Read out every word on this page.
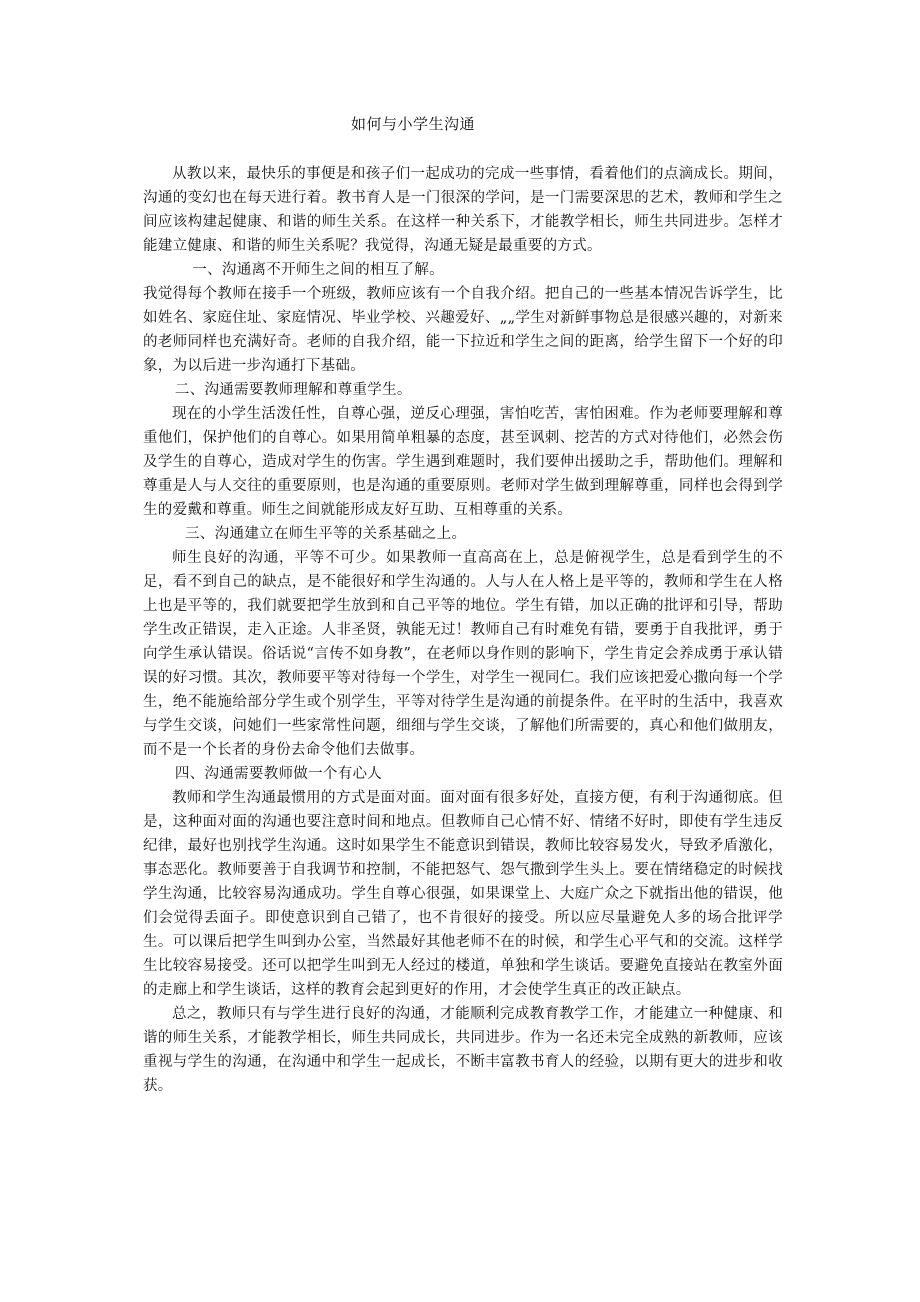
如何与小学生沟通

从教以来，最快乐的事便是和孩子们一起成功的完成一些事情，看着他们的点滴成长。期间，沟通的变幻也在每天进行着。教书育人是一门很深的学问，是一门需要深思的艺术，教师和学生之间应该构建起健康、和谐的师生关系。在这样一种关系下，才能教学相长，师生共同进步。怎样才能建立健康、和谐的师生关系呢？我觉得，沟通无疑是最重要的方式。

一、沟通离不开师生之间的相互了解。

我觉得每个教师在接手一个班级，教师应该有一个自我介绍。把自己的一些基本情况告诉学生，比如姓名、家庭住址、家庭情况、毕业学校、兴趣爱好、„„学生对新鲜事物总是很感兴趣的，对新来的老师同样也充满好奇。老师的自我介绍，能一下拉近和学生之间的距离，给学生留下一个好的印象，为以后进一步沟通打下基础。

二、沟通需要教师理解和尊重学生。

现在的小学生活泼任性，自尊心强，逆反心理强，害怕吃苦，害怕困难。作为老师要理解和尊重他们，保护他们的自尊心。如果用简单粗暴的态度，甚至讽刺、挖苦的方式对待他们，必然会伤及学生的自尊心，造成对学生的伤害。学生遇到难题时，我们要伸出援助之手，帮助他们。理解和尊重是人与人交往的重要原则，也是沟通的重要原则。老师对学生做到理解尊重，同样也会得到学生的爱戴和尊重。师生之间就能形成友好互助、互相尊重的关系。

三、沟通建立在师生平等的关系基础之上。

师生良好的沟通，平等不可少。如果教师一直高高在上，总是俯视学生，总是看到学生的不足，看不到自己的缺点，是不能很好和学生沟通的。人与人在人格上是平等的，教师和学生在人格上也是平等的，我们就要把学生放到和自己平等的地位。学生有错，加以正确的批评和引导，帮助学生改正错误，走入正途。人非圣贤，孰能无过！教师自己有时难免有错，要勇于自我批评，勇于向学生承认错误。俗话说“言传不如身教”，在老师以身作则的影响下，学生肯定会养成勇于承认错误的好习惯。其次，教师要平等对待每一个学生，对学生一视同仁。我们应该把爱心撒向每一个学生，绝不能施给部分学生或个别学生，平等对待学生是沟通的前提条件。在平时的生活中，我喜欢与学生交谈，问她们一些家常性问题，细细与学生交谈，了解他们所需要的，真心和他们做朋友，而不是一个长者的身份去命令他们去做事。

四、沟通需要教师做一个有心人

教师和学生沟通最惯用的方式是面对面。面对面有很多好处，直接方便，有利于沟通彻底。但是，这种面对面的沟通也要注意时间和地点。但教师自己心情不好、情绪不好时，即使有学生违反纪律，最好也别找学生沟通。这时如果学生不能意识到错误，教师比较容易发火，导致矛盾激化，事态恶化。教师要善于自我调节和控制，不能把怒气、怨气撒到学生头上。要在情绪稳定的时候找学生沟通，比较容易沟通成功。学生自尊心很强，如果课堂上、大庭广众之下就指出他的错误，他们会觉得丢面子。即使意识到自己错了，也不肯很好的接受。所以应尽量避免人多的场合批评学生。可以课后把学生叫到办公室，当然最好其他老师不在的时候，和学生心平气和的交流。这样学生比较容易接受。还可以把学生叫到无人经过的楼道，单独和学生谈话。要避免直接站在教室外面的走廊上和学生谈话，这样的教育会起到更好的作用，才会使学生真正的改正缺点。

总之，教师只有与学生进行良好的沟通，才能顺利完成教育教学工作，才能建立一种健康、和谐的师生关系，才能教学相长，师生共同成长，共同进步。作为一名还未完全成熟的新教师，应该重视与学生的沟通，在沟通中和学生一起成长，不断丰富教书育人的经验，以期有更大的进步和收获。
